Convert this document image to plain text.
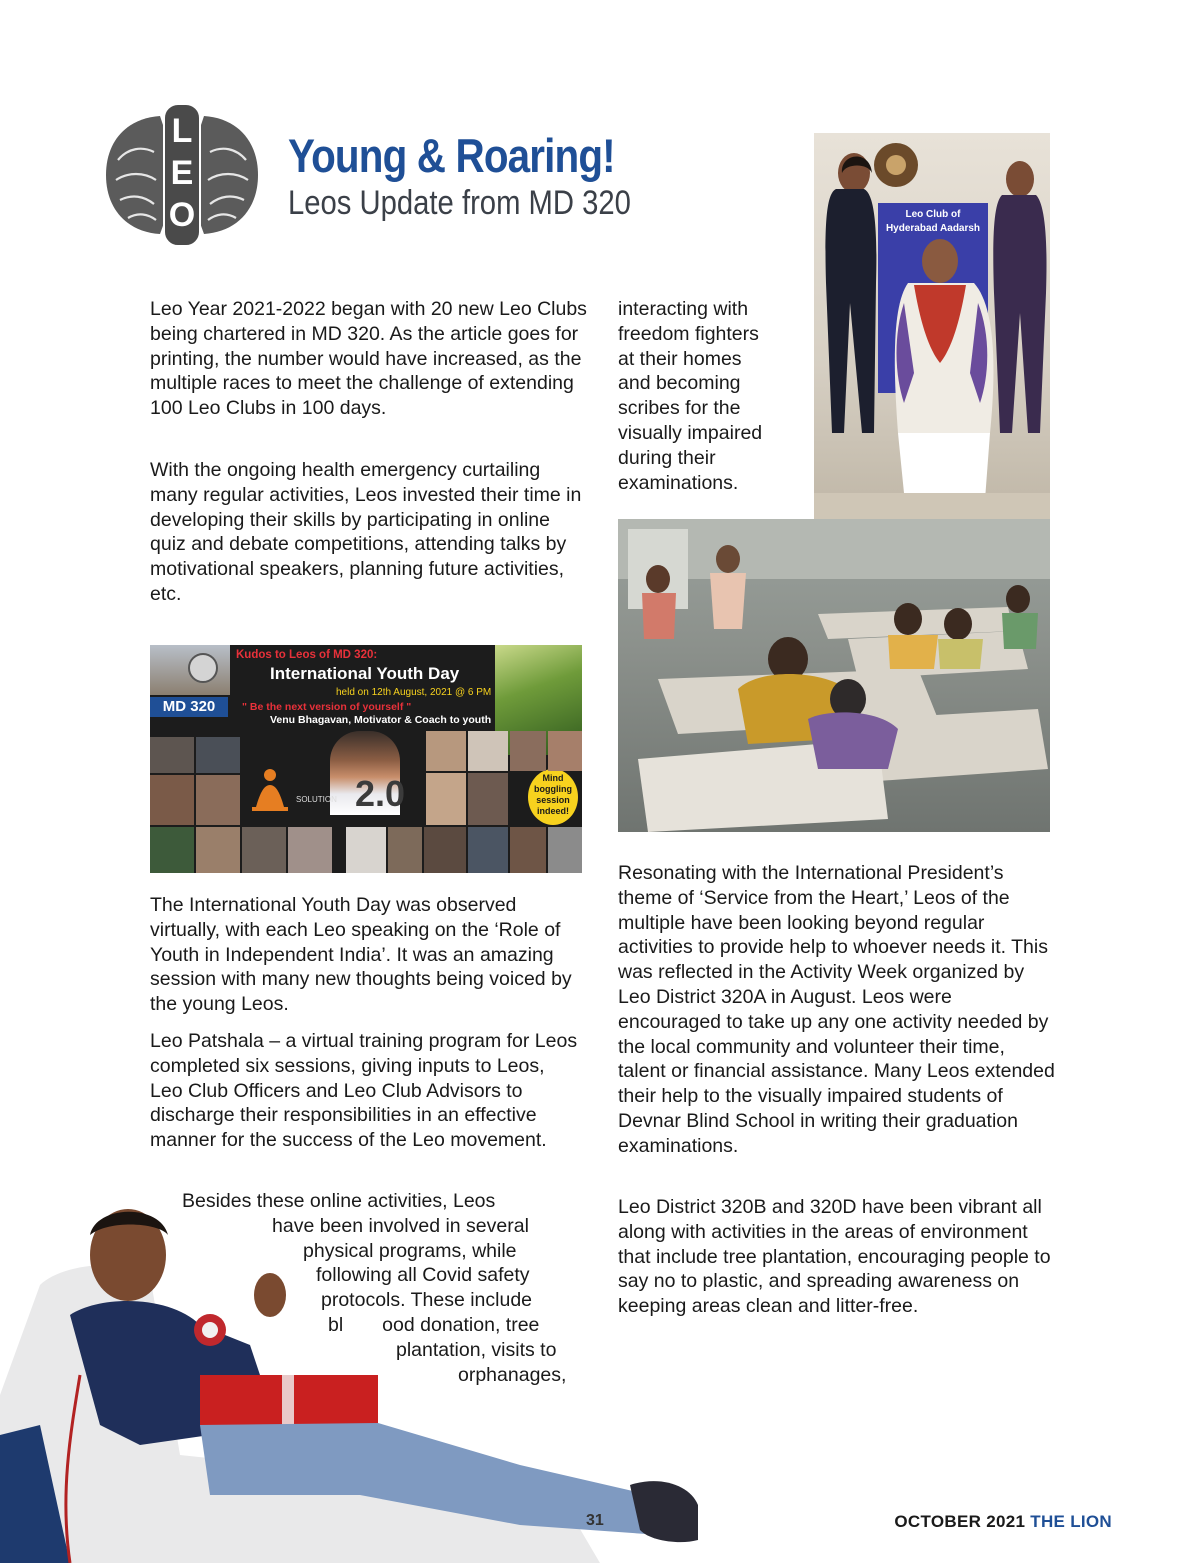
LEO
Young & Roaring!
Leos Update from MD 320

Leo Year 2021-2022 began with 20 new Leo Clubs being chartered in MD 320. As the article goes for printing, the number would have increased, as the multiple races to meet the challenge of extending 100 Leo Clubs in 100 days.

With the ongoing health emergency curtailing many regular activities, Leos invested their time in developing their skills by participating in online quiz and debate competitions, attending talks by motivational speakers, planning future activities, etc.

MD 320
Kudos to Leos of MD 320:
International Youth Day
held on 12th August, 2021 @ 6 PM
" Be the next version of yourself "
Venu Bhagavan, Motivator & Coach to youth
SOLUTION 2.0	Mind boggling session indeed!

The International Youth Day was observed virtually, with each Leo speaking on the ‘Role of Youth in Independent India’. It was an amazing session with many new thoughts being voiced by the young Leos.

Leo Patshala – a virtual training program for Leos completed six sessions, giving inputs to Leos, Leo Club Officers and Leo Club Advisors to discharge their responsibilities in an effective manner for the success of the Leo movement.

Besides these online activities, Leos
have been involved in several
physical programs, while
following all Covid safety
protocols. These include
bl  ood donation, tree
plantation, visits to
orphanages,
interacting with
freedom fighters
at their homes
and becoming
scribes for the
visually impaired
during their
examinations.
Leo Club of
Hyderabad Aadarsh

Resonating with the International President’s theme of ‘Service from the Heart,’ Leos of the multiple have been looking beyond regular activities to provide help to whoever needs it. This was reflected in the Activity Week organized by Leo District 320A in August. Leos were encouraged to take up any one activity needed by the local community and volunteer their time, talent or financial assistance. Many Leos extended their help to the visually impaired students of Devnar Blind School in writing their graduation examinations.

Leo District 320B and 320D have been vibrant all along with activities in the areas of environment that include tree plantation, encouraging people to say no to plastic, and spreading awareness on keeping areas clean and litter-free.

31	OCTOBER 2021 THE LION
